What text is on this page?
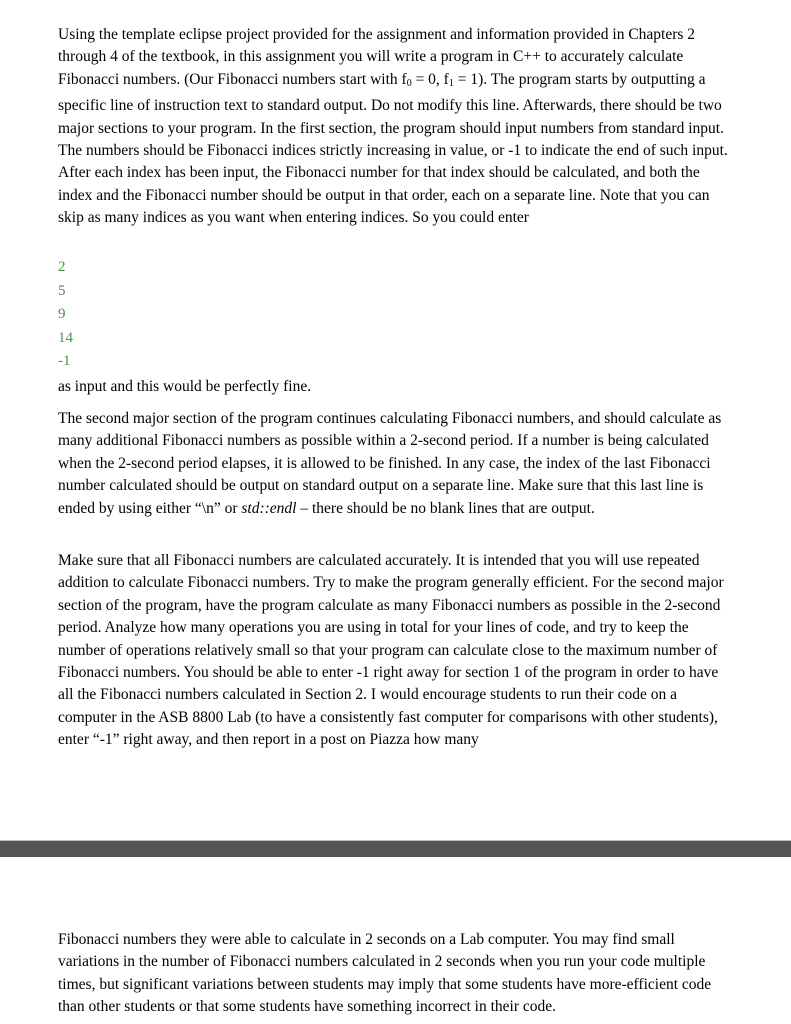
Using the template eclipse project provided for the assignment and information provided in Chapters 2 through 4 of the textbook, in this assignment you will write a program in C++ to accurately calculate Fibonacci numbers. (Our Fibonacci numbers start with $f_0 = 0$, $f_1 = 1$). The program starts by outputting a specific line of instruction text to standard output. Do not modify this line. Afterwards, there should be two major sections to your program. In the first section, the program should input numbers from standard input. The numbers should be Fibonacci indices strictly increasing in value, or -1 to indicate the end of such input. After each index has been input, the Fibonacci number for that index should be calculated, and both the index and the Fibonacci number should be output in that order, each on a separate line. Note that you can skip as many indices as you want when entering indices. So you could enter

2
5
9
14
-1

as input and this would be perfectly fine.

The second major section of the program continues calculating Fibonacci numbers, and should calculate as many additional Fibonacci numbers as possible within a 2-second period. If a number is being calculated when the 2-second period elapses, it is allowed to be finished. In any case, the index of the last Fibonacci number calculated should be output on standard output on a separate line. Make sure that this last line is ended by using either “\n” or std::endl – there should be no blank lines that are output.

Make sure that all Fibonacci numbers are calculated accurately. It is intended that you will use repeated addition to calculate Fibonacci numbers. Try to make the program generally efficient. For the second major section of the program, have the program calculate as many Fibonacci numbers as possible in the 2-second period. Analyze how many operations you are using in total for your lines of code, and try to keep the number of operations relatively small so that your program can calculate close to the maximum number of Fibonacci numbers. You should be able to enter -1 right away for section 1 of the program in order to have all the Fibonacci numbers calculated in Section 2. I would encourage students to run their code on a computer in the ASB 8800 Lab (to have a consistently fast computer for comparisons with other students), enter “-1” right away, and then report in a post on Piazza how many

Fibonacci numbers they were able to calculate in 2 seconds on a Lab computer. You may find small variations in the number of Fibonacci numbers calculated in 2 seconds when you run your code multiple times, but significant variations between students may imply that some students have more-efficient code than other students or that some students have something incorrect in their code.
